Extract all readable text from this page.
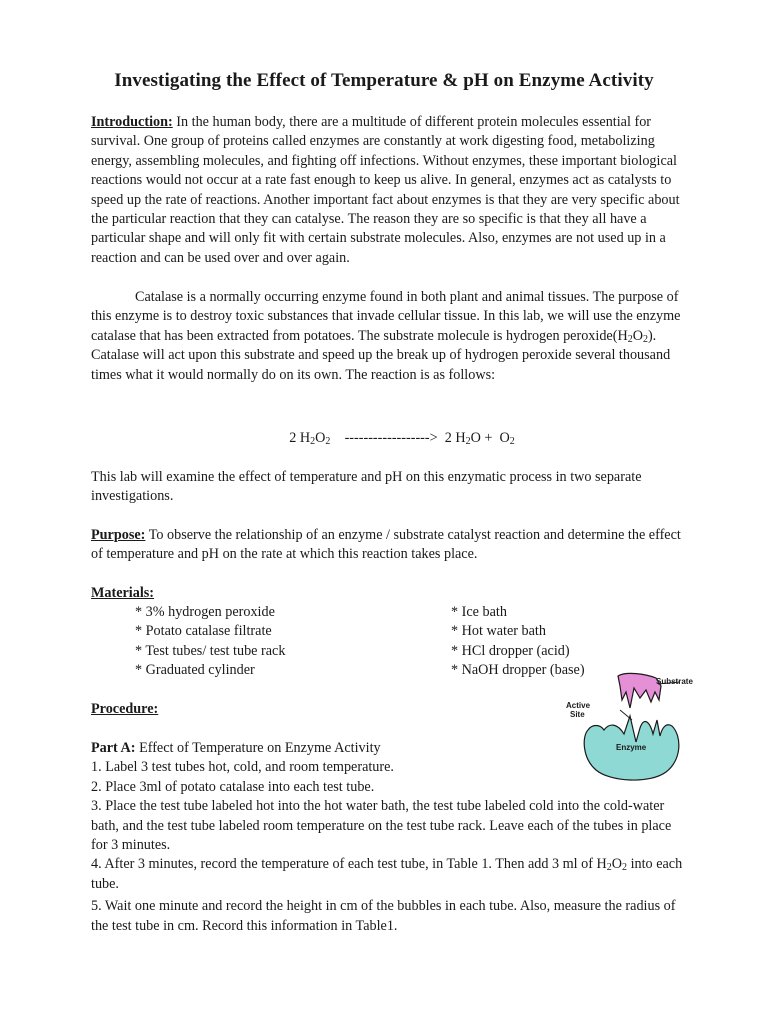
Investigating the Effect of Temperature & pH on Enzyme Activity
Introduction: In the human body, there are a multitude of different protein molecules essential for survival. One group of proteins called enzymes are constantly at work digesting food, metabolizing energy, assembling molecules, and fighting off infections. Without enzymes, these important biological reactions would not occur at a rate fast enough to keep us alive. In general, enzymes act as catalysts to speed up the rate of reactions. Another important fact about enzymes is that they are very specific about the particular reaction that they can catalyse. The reason they are so specific is that they all have a particular shape and will only fit with certain substrate molecules. Also, enzymes are not used up in a reaction and can be used over and over again.
Catalase is a normally occurring enzyme found in both plant and animal tissues. The purpose of this enzyme is to destroy toxic substances that invade cellular tissue. In this lab, we will use the enzyme catalase that has been extracted from potatoes. The substrate molecule is hydrogen $peroxide(H_2O_2)$. Catalase will act upon this substrate and speed up the break up of hydrogen peroxide several thousand times what it would normally do on its own. The reaction is as follows:
2 $H_2O_2$ ------------------> 2 $H_2O + O_2$
This lab will examine the effect of temperature and pH on this enzymatic process in two separate investigations.
Purpose: To observe the relationship of an enzyme / substrate catalyst reaction and determine the effect of temperature and pH on the rate at which this reaction takes place.
Materials:
* 3% hydrogen peroxide
* Potato catalase filtrate
* Test tubes/ test tube rack
* Graduated cylinder
* Ice bath
* Hot water bath
* HCl dropper (acid)
* NaOH dropper (base)
Procedure:
Part A: Effect of Temperature on Enzyme Activity
1. Label 3 test tubes hot, cold, and room temperature.
2. Place 3ml of potato catalase into each test tube.
3. Place the test tube labeled hot into the hot water bath, the test tube labeled cold into the cold-water bath, and the test tube labeled room temperature on the test tube rack. Leave each of the tubes in place for 3 minutes.
4. After 3 minutes, record the temperature of each test tube, in Table 1. Then add 3 ml of $H_2O_2$ into each tube.
5. Wait one minute and record the height in cm of the bubbles in each tube. Also, measure the radius of the test tube in cm. Record this information in Table1.
Substrate
Active
Site
Enzyme
